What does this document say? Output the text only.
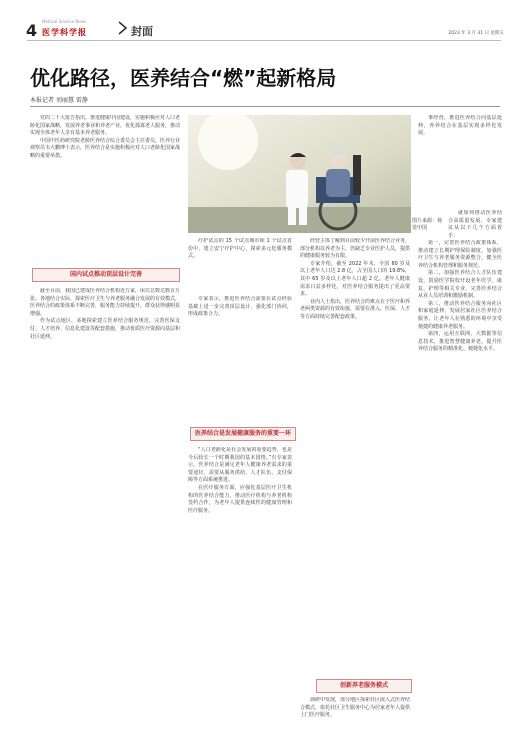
4 Medical Science News
医学科学报	封面	2023 年 3 月 31 日 星期五
优化路径，医养结合“燃”起新格局
本报记者 刘丽慧 雷静

党的二十大报告指出，推进健康中国建设，实施积极应对人口老龄化国家战略，发展养老事业和养老产业，优化孤寡老人服务，推动实现全体老年人享有基本养老服务。

中国中医药研究院老龄医养结合综合委员会主任委员，医养行业观察员韦大鹏博士表示，医养结合是实施积极应对人口老龄化国家战略的重要举措。

国内试点推动顶层设计完善

截至目前，我国已建成医养结合机构近万家，床位总数达数百万张。各地结合实际，探索医疗卫生与养老服务融合发展的有效模式，医养结合的政策体系不断完善，服务能力持续提升，群众获得感明显增强。

作为试点地区，多地探索建立医养结合服务规范，完善医保支付、人才培养、信息化建设等配套措施，推动优质医疗资源向基层和社区延伸。

图片来源：视觉中国

疗护试点的 15 个试点城市和 1 个试点省份中，建立安宁疗护中心，探索多元化服务模式。

专家表示，推进医养结合需要在试点经验基础上进一步完善顶层设计，强化部门协同，形成政策合力。

医养结合是发展健康服务的重要一环

“人口老龄化是社会发展的重要趋势，也是今后较长一个时期我国的基本国情。”有专家表示，医养结合是满足老年人健康养老需求的重要途径，需要从服务供给、人才队伍、支付保障等方面系统推进。

在医疗服务方面，应强化基层医疗卫生机构的医养结合能力，推动医疗机构与养老机构签约合作，为老年人提供连续性的健康管理和医疗服务。

经营主体了解到目前较少开展医养结合业务，部分机构以养老为主，仍缺乏专业医护人员，提供的健康服务较为有限。

专家介绍，截至 2022 年末，全国 60 岁及以上老年人口达 2.8 亿，占全国人口的 19.8%，其中 65 岁及以上老年人口超 2 亿。老年人健康需求日益多样化，对医养结合服务提出了更高要求。

业内人士指出，医养结合的难点在于医疗和养老两类资源的有效衔接，需要在准入、医保、人才等方面持续完善配套政策。

创新养老服务模式

调研中发现，部分地区探索社区嵌入式医养结合模式，依托社区卫生服务中心为居家老年人提供上门医疗服务。

事经营，推进医养结合向基层延伸，养养结合在基层实现多样化发展。

就如何推动医养结合高质量发展，专家建议从以下几个方面着手：

第一，完善医养结合政策体系，推动建立长期护理保险制度，加强医疗卫生与养老服务资源整合，健全医养结合机构管理和服务规范。

第二，加强医养结合人才队伍建设，鼓励医学院校开设老年医学、康复、护理等相关专业，完善医养结合从业人员培训和激励机制。

第三，推动医养结合服务向社区和家庭延伸，发展居家社区医养结合服务，让老年人在熟悉的环境中享受便捷的健康养老服务。

第四，运用互联网、大数据等信息技术，推进智慧健康养老，提升医养结合服务的精准化、便捷化水平。
